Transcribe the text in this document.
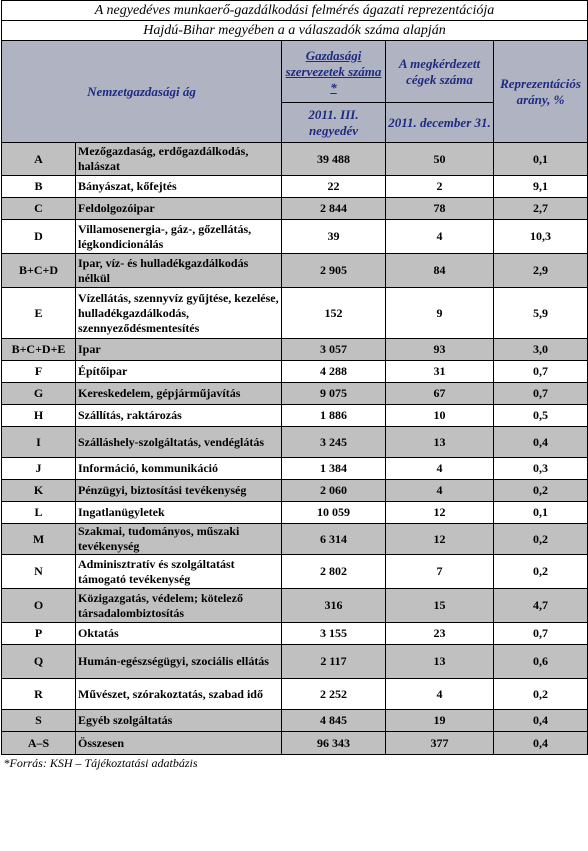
A negyedéves munkaerő-gazdálkodási felmérés ágazati reprezentációja				
Hajdú-Bihar megyében a a válaszadók száma alapján				
Nemzetgazdasági ág		Gazdasági szervezetek száma *	A megkérdezett cégek száma	Reprezentációs arány, %
		2011. III. negyedév	2011. december 31.	
A	Mezőgazdaság, erdőgazdálkodás, halászat	39 488	50	0,1
B	Bányászat, kőfejtés	22	2	9,1
C	Feldolgozóipar	2 844	78	2,7
D	Villamosenergia-, gáz-, gőzellátás, légkondicionálás	39	4	10,3
B+C+D	Ipar, víz- és hulladékgazdálkodás nélkül	2 905	84	2,9
E	Vízellátás, szennyvíz gyűjtése, kezelése, hulladékgazdálkodás, szennyeződésmentesítés	152	9	5,9
B+C+D+E	Ipar	3 057	93	3,0
F	Építőipar	4 288	31	0,7
G	Kereskedelem, gépjárműjavítás	9 075	67	0,7
H	Szállítás, raktározás	1 886	10	0,5
I	Szálláshely-szolgáltatás, vendéglátás	3 245	13	0,4
J	Információ, kommunikáció	1 384	4	0,3
K	Pénzügyi, biztosítási tevékenység	2 060	4	0,2
L	Ingatlanügyletek	10 059	12	0,1
M	Szakmai, tudományos, műszaki tevékenység	6 314	12	0,2
N	Adminisztratív és szolgáltatást támogató tevékenység	2 802	7	0,2
O	Közigazgatás, védelem; kötelező társadalombiztosítás	316	15	4,7
P	Oktatás	3 155	23	0,7
Q	Humán-egészségügyi, szociális ellátás	2 117	13	0,6
R	Művészet, szórakoztatás, szabad idő	2 252	4	0,2
S	Egyéb szolgáltatás	4 845	19	0,4
A–S	Összesen	96 343	377	0,4
*Forrás: KSH – Tájékoztatási adatbázis				
